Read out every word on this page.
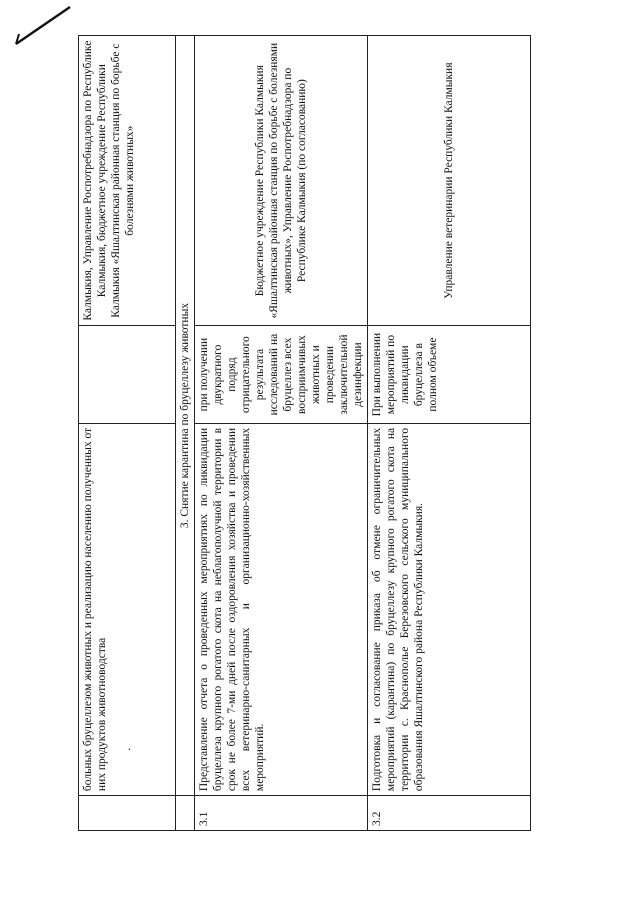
	больных бруцеллезом животных и реализацию населению полученных от них продуктов животноводства ·		Калмыкия, Управление Роспотребнадзора по Республике Калмыкия, бюджетное учреждение Республики Калмыкия «Яшалтинская районная станция по борьбе с болезнями животных»
	3. Снятие карантина по бруцеллезу животных		
3.1	Представление отчета о проведенных мероприятиях по ликвидации бруцеллеза крупного рогатого скота на неблагополучной территории в срок не более 7-ми дней после оздоровления хозяйства и проведении всех ветеринарно-санитарных и организационно-хозяйственных мероприятий.	при получении двукратного подряд отрицательного результата исследований на бруцеллез всех восприимчивых животных и проведении заключительной дезинфекции	Бюджетное учреждение Республики Калмыкия «Яшалтинская районная станция по борьбе с болезнями животных», Управление Роспотребнадзора по Республике Калмыкия (по согласованию)
3.2	Подготовка и согласование приказа об отмене ограничительных мероприятий (карантина) по бруцеллезу крупного рогатого скота на территории с. Краснополье Березовского сельского муниципального образования Яшалтинского района Республики Калмыкия.	При выполнении мероприятий по ликвидации бруцеллеза в полном объеме	Управление ветеринарии Республики Калмыкия
